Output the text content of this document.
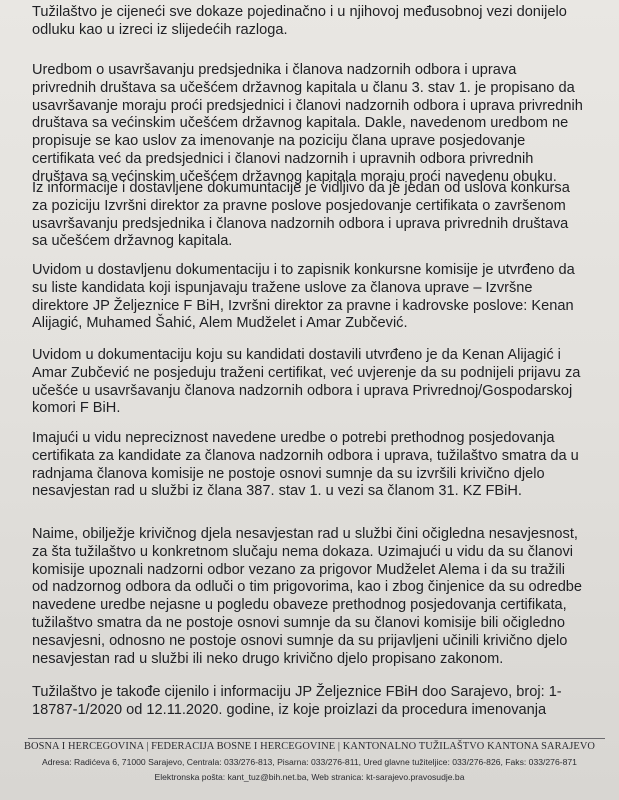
Tužilaštvo je cijeneći sve dokaze pojedinačno i u njihovoj međusobnoj vezi donijelo
odluku kao u izreci iz slijedećih razloga.
Uredbom o usavršavanju predsjednika i članova nadzornih odbora i uprava
privrednih društava sa učešćem državnog kapitala u članu 3. stav 1. je propisano da
usavršavanje moraju proći predsjednici i članovi nadzornih odbora i uprava privrednih
društava sa većinskim učešćem državnog kapitala. Dakle, navedenom uredbom ne
propisuje se kao uslov za imenovanje na poziciju člana uprave posjedovanje
certifikata već da predsjednici i članovi nadzornih i upravnih odbora privrednih
društava sa većinskim učešćem državnog kapitala moraju proći navedenu obuku.
Iz informacije i dostavljene dokumuntacije je vidljivo da je jedan od uslova konkursa
za poziciju Izvršni direktor za pravne poslove posjedovanje certifikata o završenom
usavršavanju predsjednika i članova nadzornih odbora i uprava privrednih društava
sa učešćem državnog kapitala.
Uvidom u dostavljenu dokumentaciju i to zapisnik konkursne komisije je utvrđeno da
su liste kandidata koji ispunjavaju tražene uslove za članova uprave – Izvršne
direktore JP Željeznice F BiH, Izvršni direktor za pravne i kadrovske poslove: Kenan
Alijagić, Muhamed Šahić, Alem Mudželet i Amar Zubčević.
Uvidom u dokumentaciju koju su kandidati dostavili utvrđeno je da Kenan Alijagić i
Amar Zubčević ne posjeduju traženi certifikat, već uvjerenje da su podnijeli prijavu za
učešće u usavršavanju članova nadzornih odbora i uprava Privrednoj/Gospodarskoj
komori F BiH.
Imajući u vidu nepreciznost navedene uredbe o potrebi prethodnog posjedovanja
certifikata za kandidate za članova nadzornih odbora i uprava, tužilaštvo smatra da u
radnjama članova komisije ne postoje osnovi sumnje da su izvršili krivično djelo
nesavjestan rad u službi iz člana 387. stav 1. u vezi sa članom 31. KZ FBiH.
Naime, obilježje krivičnog djela nesavjestan rad u službi čini očigledna nesavjesnost,
za šta tužilaštvo u konkretnom slučaju nema dokaza. Uzimajući u vidu da su članovi
komisije upoznali nadzorni odbor vezano za prigovor Mudželet Alema i da su tražili
od nadzornog odbora da odluči o tim prigovorima, kao i zbog činjenice da su odredbe
navedene uredbe nejasne u pogledu obaveze prethodnog posjedovanja certifikata,
tužilaštvo smatra da ne postoje osnovi sumnje da su članovi komisije bili očigledno
nesavjesni, odnosno ne postoje osnovi sumnje da su prijavljeni učinili krivično djelo
nesavjestan rad u službi ili neko drugo krivično djelo propisano zakonom.
Tužilaštvo je takođe cijenilo i informaciju JP Željeznice FBiH doo Sarajevo, broj: 1-
18787-1/2020 od 12.11.2020. godine, iz koje proizlazi da procedura imenovanja
BOSNA I HERCEGOVINA | FEDERACIJA BOSNE I HERCEGOVINE | KANTONALNO TUŽILAŠTVO KANTONA SARAJEVO
Adresa: Radićeva 6, 71000 Sarajevo, Centrala: 033/276-813, Pisarna: 033/276-811, Ured glavne tužiteljice: 033/276-826, Faks: 033/276-871
Elektronska pošta: kant_tuz@bih.net.ba, Web stranica: kt-sarajevo.pravosudje.ba
